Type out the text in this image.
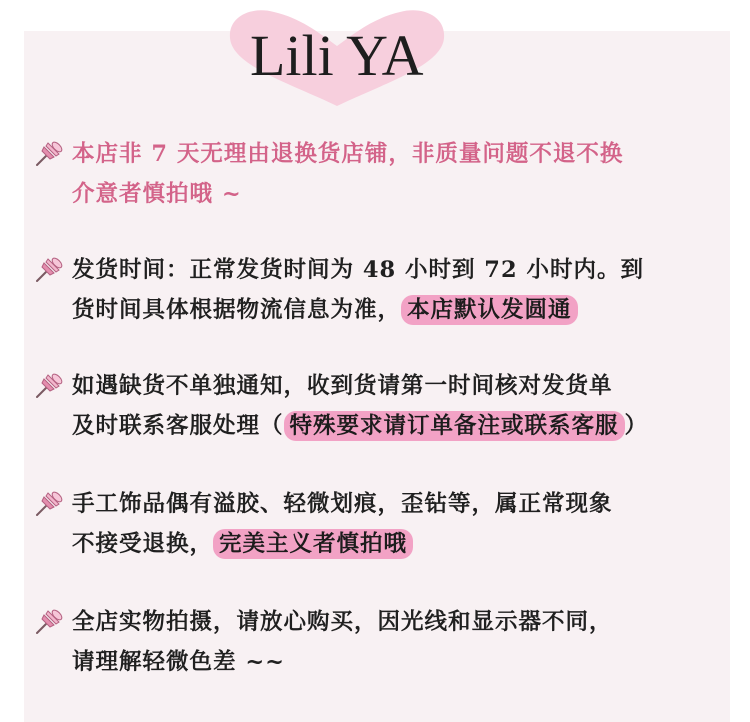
Lili YA
本店非 7 天无理由退换货店铺，非质量问题不退不换
介意者慎拍哦 ~
发货时间：正常发货时间为 48 小时到 72 小时内。到
货时间具体根据物流信息为准， 本店默认发圆通
如遇缺货不单独通知，收到货请第一时间核对发货单
及时联系客服处理（ 特殊要求请订单备注或联系客服 ）
手工饰品偶有溢胶、轻微划痕，歪钻等，属正常现象
不接受退换， 完美主义者慎拍哦
全店实物拍摄，请放心购买，因光线和显示器不同，
请理解轻微色差 ~~
